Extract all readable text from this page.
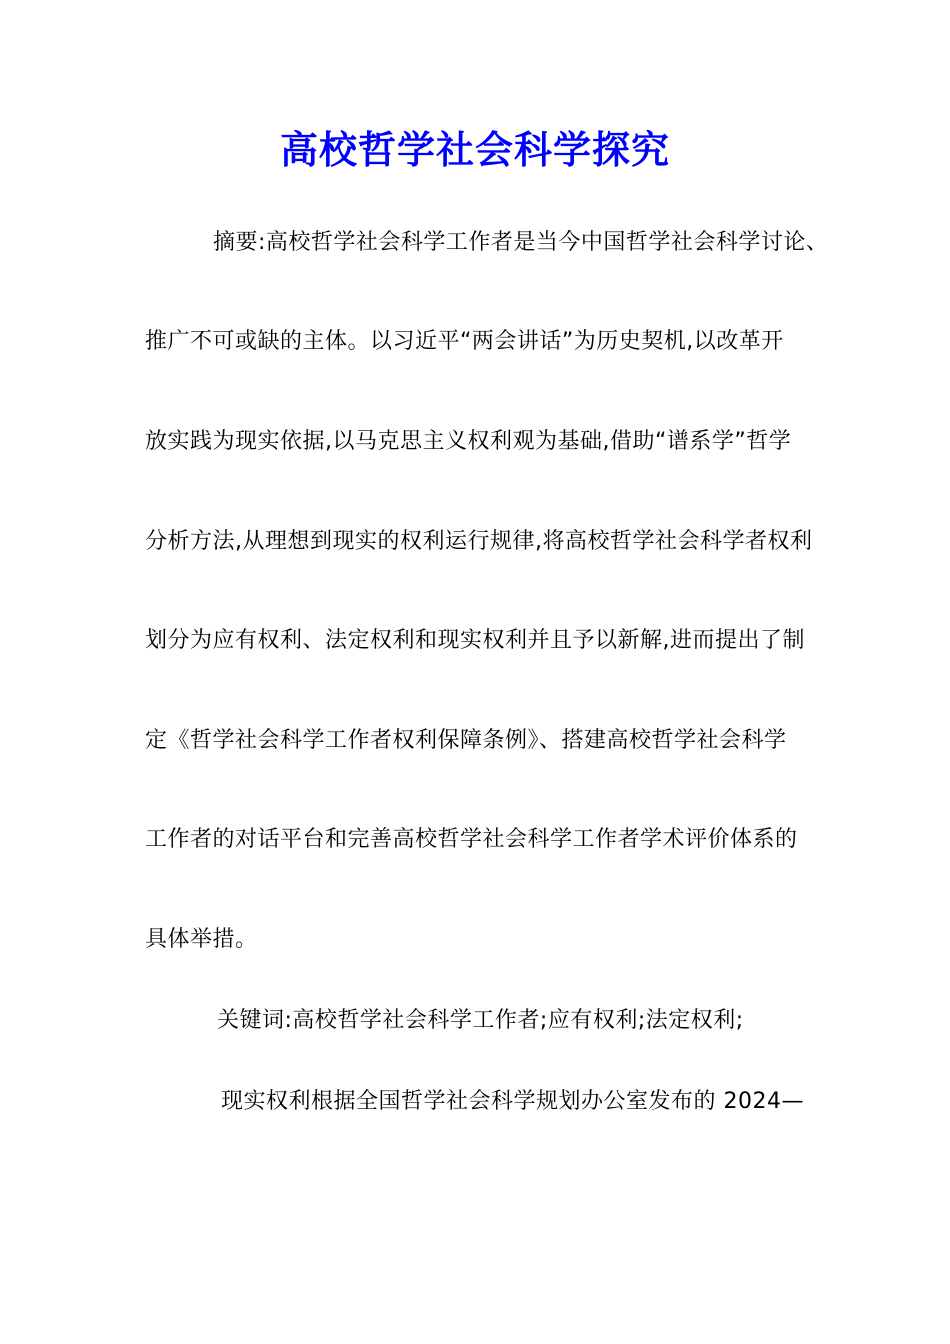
高校哲学社会科学探究
摘要:高校哲学社会科学工作者是当今中国哲学社会科学讨论、
推广不可或缺的主体。以习近平“两会讲话”为历史契机,以改革开
放实践为现实依据,以马克思主义权利观为基础,借助“谱系学”哲学
分析方法,从理想到现实的权利运行规律,将高校哲学社会科学者权利
划分为应有权利、法定权利和现实权利并且予以新解,进而提出了制
定《哲学社会科学工作者权利保障条例》、搭建高校哲学社会科学
工作者的对话平台和完善高校哲学社会科学工作者学术评价体系的
具体举措。
关键词:高校哲学社会科学工作者;应有权利;法定权利;
现实权利根据全国哲学社会科学规划办公室发布的 2024—
